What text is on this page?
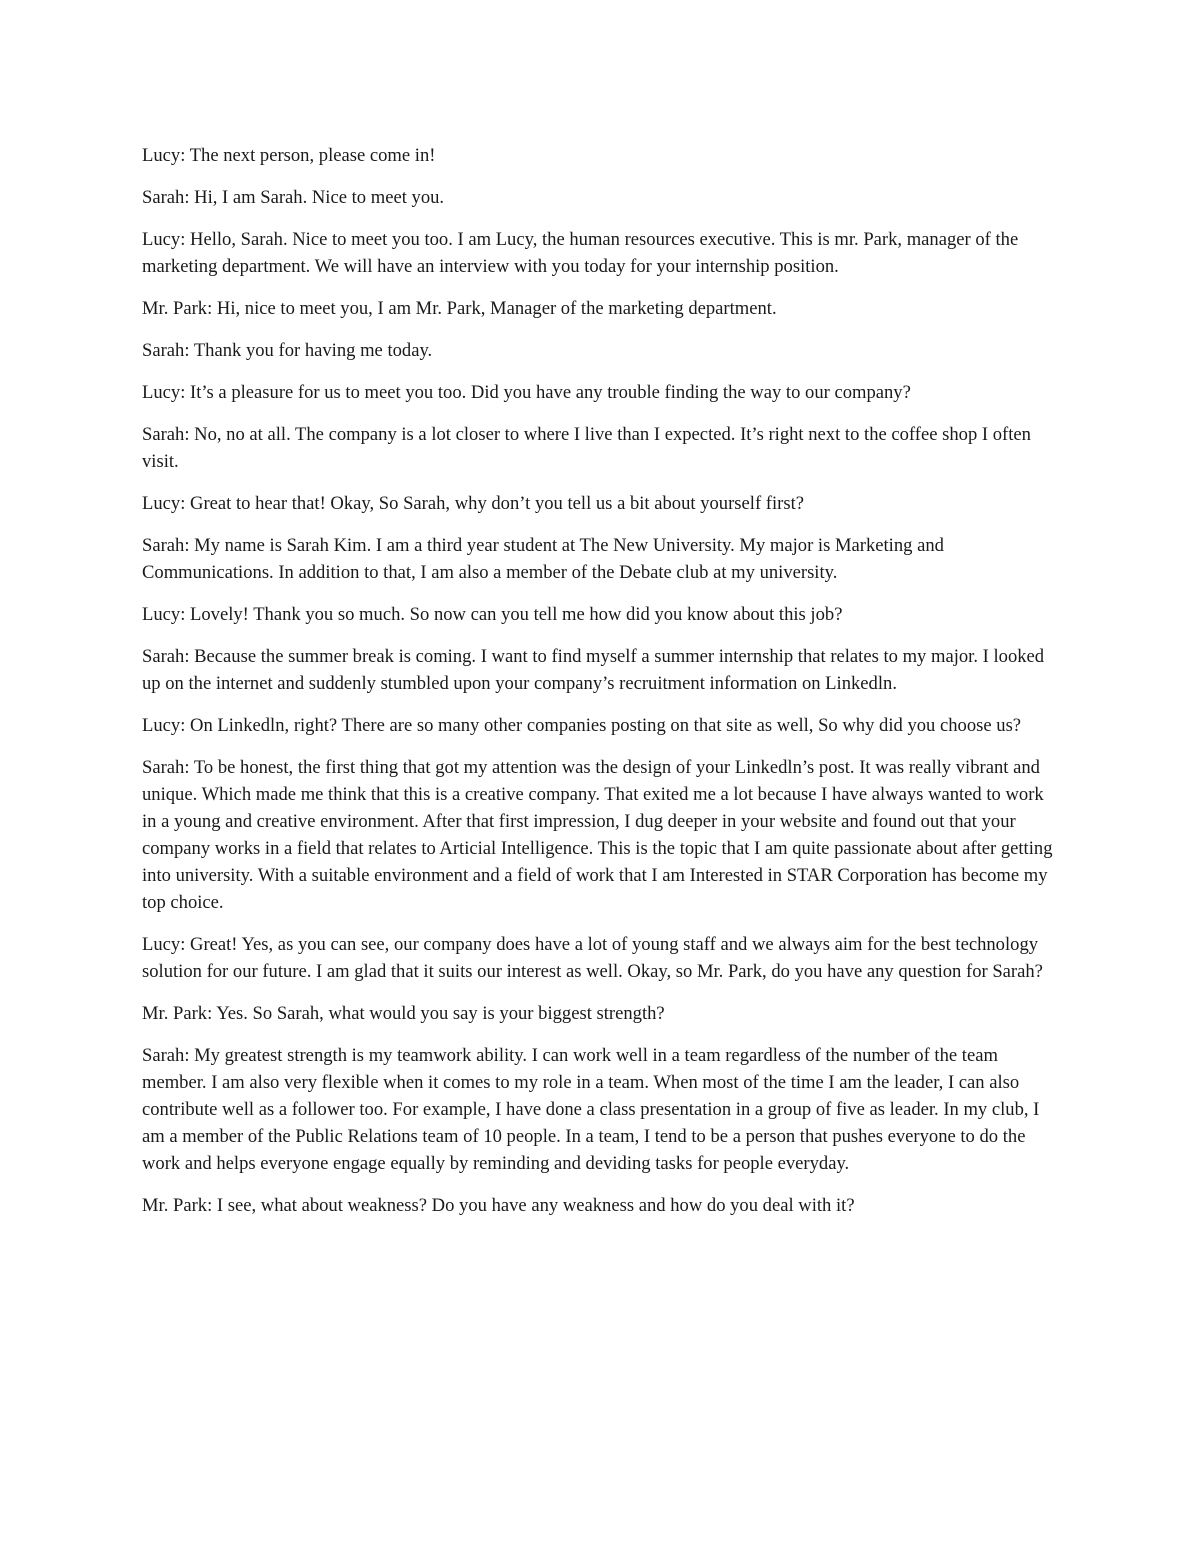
Lucy: The next person, please come in!

Sarah: Hi, I am Sarah. Nice to meet you.

Lucy: Hello, Sarah. Nice to meet you too. I am Lucy, the human resources executive. This is mr. Park, manager of the marketing department. We will have an interview with you today for your internship position.

Mr. Park: Hi, nice to meet you, I am Mr. Park, Manager of the marketing department.

Sarah: Thank you for having me today.

Lucy: It’s a pleasure for us to meet you too. Did you have any trouble finding the way to our company?

Sarah: No, no at all. The company is a lot closer to where I live than I expected. It’s right next to the coffee shop I often visit.

Lucy: Great to hear that! Okay, So Sarah, why don’t you tell us a bit about yourself first?

Sarah: My name is Sarah Kim. I am a third year student at The New University. My major is Marketing and Communications. In addition to that, I am also a member of the Debate club at my university.

Lucy: Lovely! Thank you so much. So now can you tell me how did you know about this job?

Sarah: Because the summer break is coming. I want to find myself a summer internship that relates to my major. I looked up on the internet and suddenly stumbled upon your company’s recruitment information on Linkedln.

Lucy: On Linkedln, right? There are so many other companies posting on that site as well, So why did you choose us?

Sarah: To be honest, the first thing that got my attention was the design of your Linkedln’s post. It was really vibrant and unique. Which made me think that this is a creative company. That exited me a lot because I have always wanted to work in a young and creative environment. After that first impression, I dug deeper in your website and found out that your company works in a field that relates to Articial Intelligence. This is the topic that I am quite passionate about after getting into university. With a suitable environment and a field of work that I am Interested in STAR Corporation has become my top choice.

Lucy: Great! Yes, as you can see, our company does have a lot of young staff and we always aim for the best technology solution for our future. I am glad that it suits our interest as well. Okay, so Mr. Park, do you have any question for Sarah?

Mr. Park: Yes. So Sarah, what would you say is your biggest strength?

Sarah: My greatest strength is my teamwork ability. I can work well in a team regardless of the number of the team member. I am also very flexible when it comes to my role in a team. When most of the time I am the leader, I can also contribute well as a follower too. For example, I have done a class presentation in a group of five as leader. In my club, I am a member of the Public Relations team of 10 people. In a team, I tend to be a person that pushes everyone to do the work and helps everyone engage equally by reminding and deviding tasks for people everyday.

Mr. Park: I see, what about weakness? Do you have any weakness and how do you deal with it?
